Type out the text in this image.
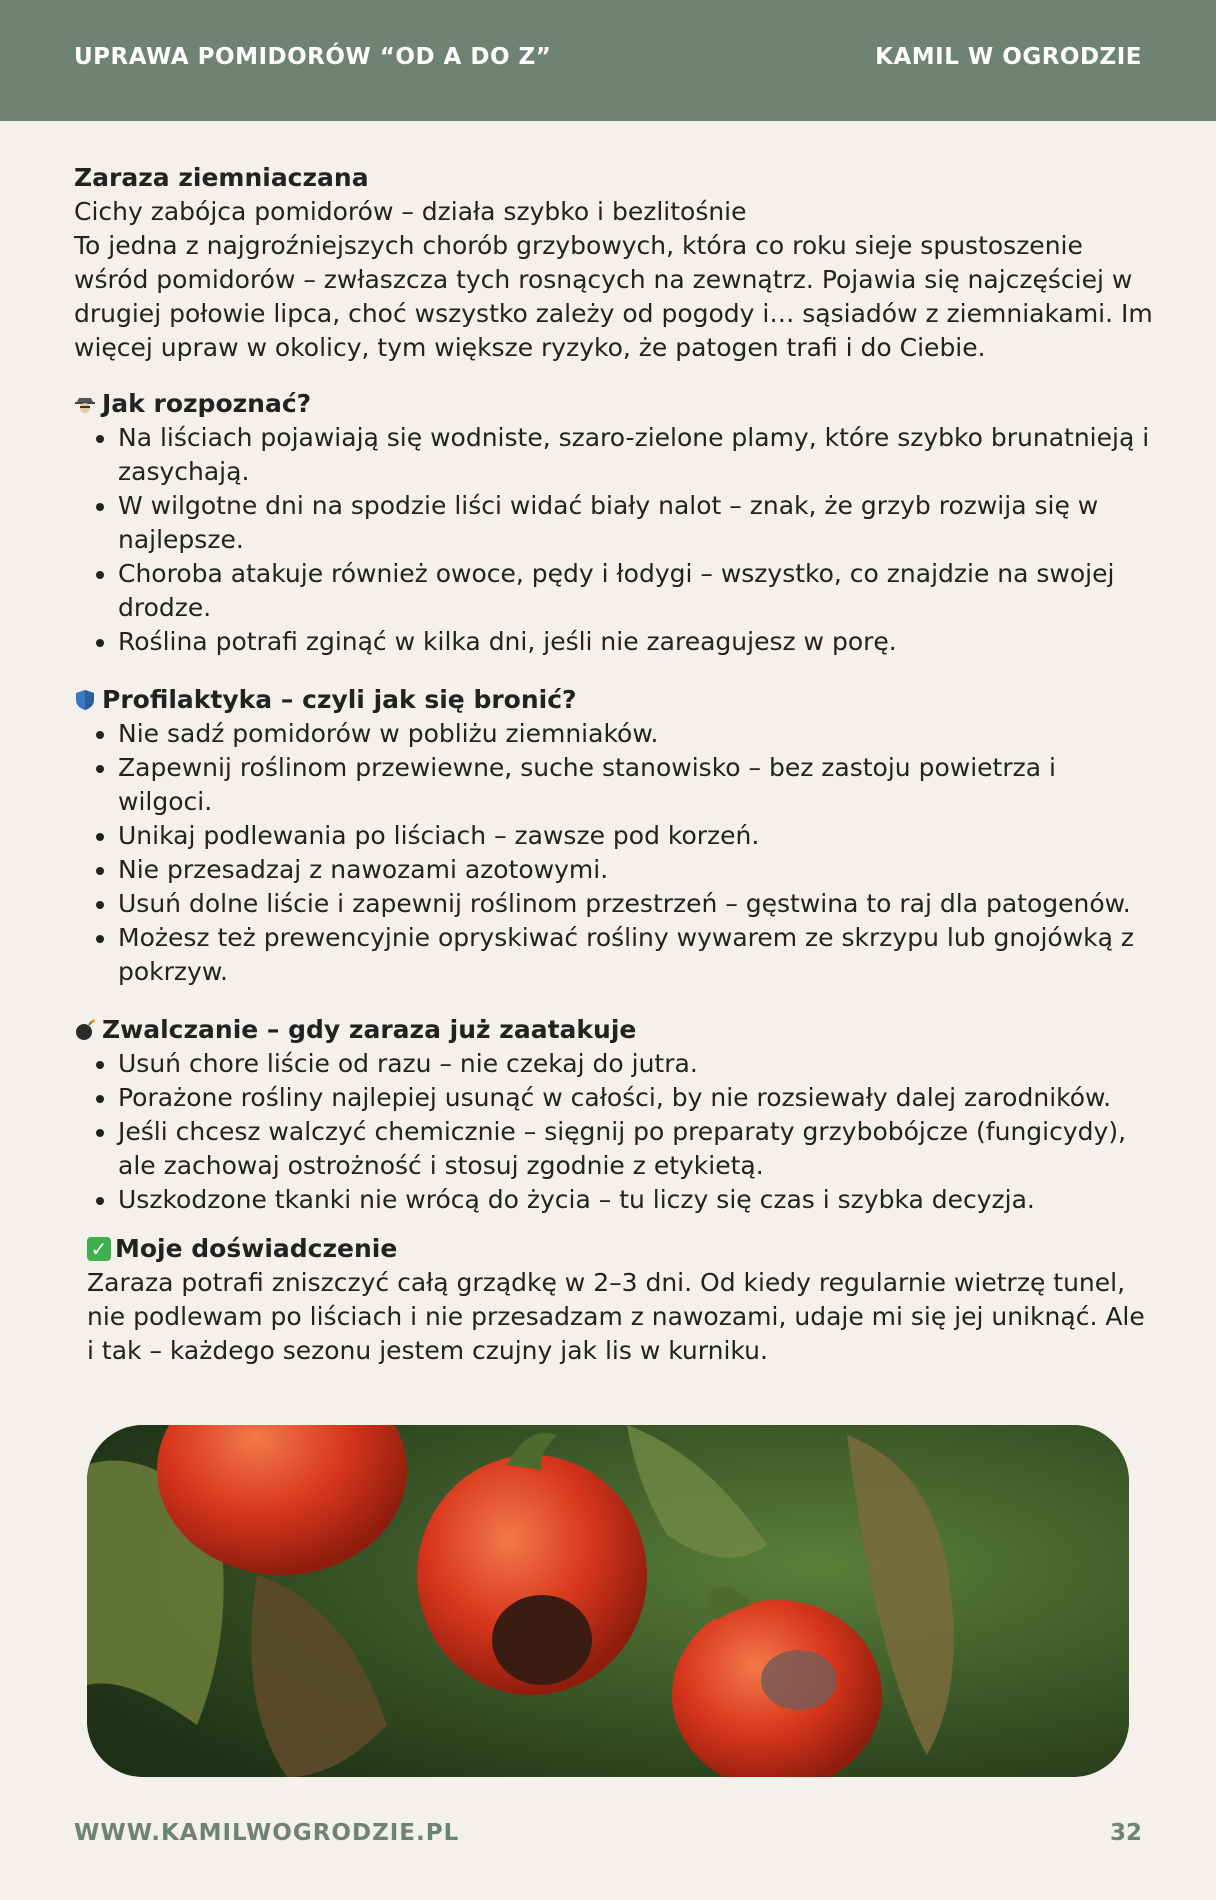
UPRAWA POMIDORÓW “OD A DO Z”	KAMIL W OGRODZIE

Zaraza ziemniaczana

Cichy zabójca pomidorów – działa szybko i bezlitośnie

To jedna z najgroźniejszych chorób grzybowych, która co roku sieje spustoszenie wśród pomidorów – zwłaszcza tych rosnących na zewnątrz. Pojawia się najczęściej w drugiej połowie lipca, choć wszystko zależy od pogody i… sąsiadów z ziemniakami. Im więcej upraw w okolicy, tym większe ryzyko, że patogen trafi i do Ciebie.

Jak rozpoznać?
• Na liściach pojawiają się wodniste, szaro-zielone plamy, które szybko brunatnieją i zasychają.
• W wilgotne dni na spodzie liści widać biały nalot – znak, że grzyb rozwija się w najlepsze.
• Choroba atakuje również owoce, pędy i łodygi – wszystko, co znajdzie na swojej drodze.
• Roślina potrafi zginąć w kilka dni, jeśli nie zareagujesz w porę.
Profilaktyka – czyli jak się bronić?
• Nie sadź pomidorów w pobliżu ziemniaków.
• Zapewnij roślinom przewiewne, suche stanowisko – bez zastoju powietrza i wilgoci.
• Unikaj podlewania po liściach – zawsze pod korzeń.
• Nie przesadzaj z nawozami azotowymi.
• Usuń dolne liście i zapewnij roślinom przestrzeń – gęstwina to raj dla patogenów.
• Możesz też prewencyjnie opryskiwać rośliny wywarem ze skrzypu lub gnojówką z pokrzyw.
Zwalczanie – gdy zaraza już zaatakuje
• Usuń chore liście od razu – nie czekaj do jutra.
• Porażone rośliny najlepiej usunąć w całości, by nie rozsiewały dalej zarodników.
• Jeśli chcesz walczyć chemicznie – sięgnij po preparaty grzybobójcze (fungicydy), ale zachowaj ostrożność i stosuj zgodnie z etykietą.
• Uszkodzone tkanki nie wrócą do życia – tu liczy się czas i szybka decyzja.
✓ Moje doświadczenie

Zaraza potrafi zniszczyć całą grządkę w 2–3 dni. Od kiedy regularnie wietrzę tunel, nie podlewam po liściach i nie przesadzam z nawozami, udaje mi się jej uniknąć. Ale i tak – każdego sezonu jestem czujny jak lis w kurniku.

WWW.KAMILWOGRODZIE.PL	32
